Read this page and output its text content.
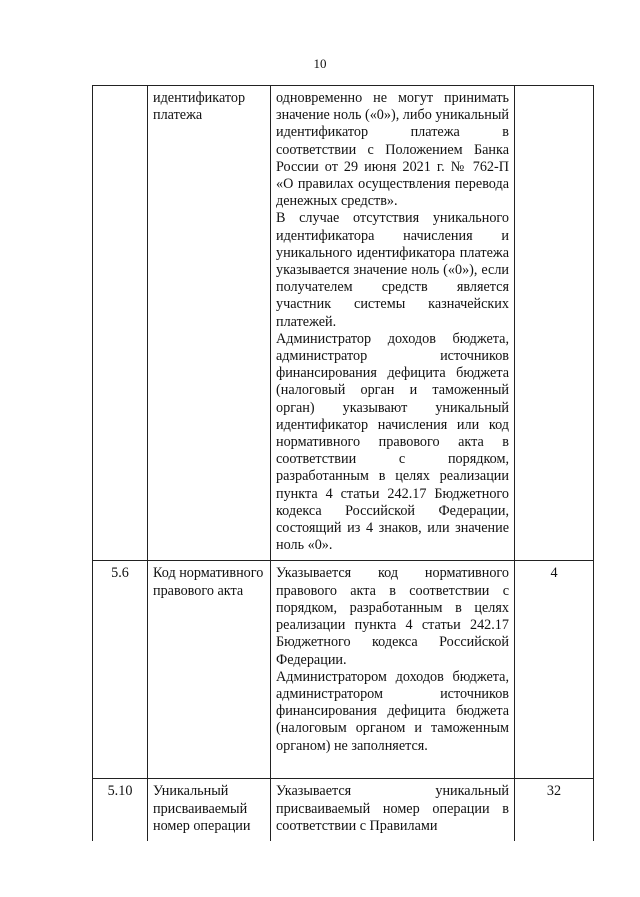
10
	идентификатор платежа	одновременно не могут принимать значение ноль («0»), либо уникальный идентификатор платежа в соответствии с Положением Банка России от 29 июня 2021 г. № 762-П «О правилах осуществления перевода денежных средств».

В случае отсутствия уникального идентификатора начисления и уникального идентификатора платежа указывается значение ноль («0»), если получателем средств является участник системы казначейских платежей.

Администратор доходов бюджета, администратор источников финансирования дефицита бюджета (налоговый орган и таможенный орган) указывают уникальный идентификатор начисления или код нормативного правового акта в соответствии с порядком, разработанным в целях реализации пункта 4 статьи 242.17 Бюджетного кодекса Российской Федерации, состоящий из 4 знаков, или значение ноль «0».	

5.6	Код нормативного правового акта	Указывается код нормативного правового акта в соответствии с порядком, разработанным в целях реализации пункта 4 статьи 242.17 Бюджетного кодекса Российской Федерации.

Администратором доходов бюджета, администратором источников финансирования дефицита бюджета (налоговым органом и таможенным органом) не заполняется.	4
5.10	Уникальный присваиваемый номер операции	Указывается уникальный присваиваемый номер операции в соответствии с Правилами	32
